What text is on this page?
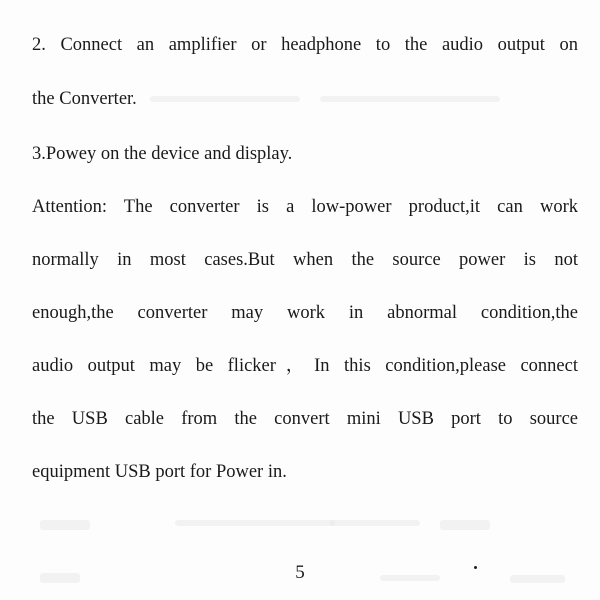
2. Connect an amplifier or headphone to the audio output on
the Converter.
3.Powey on the device and display.
Attention: The converter is a low-power product,it can work
normally in most cases.But when the source power is not
enough,the converter may work in abnormal condition,the
audio output may be flicker，In this condition,please connect
the USB cable from the convert mini USB port to source
equipment USB port for Power in.
5
